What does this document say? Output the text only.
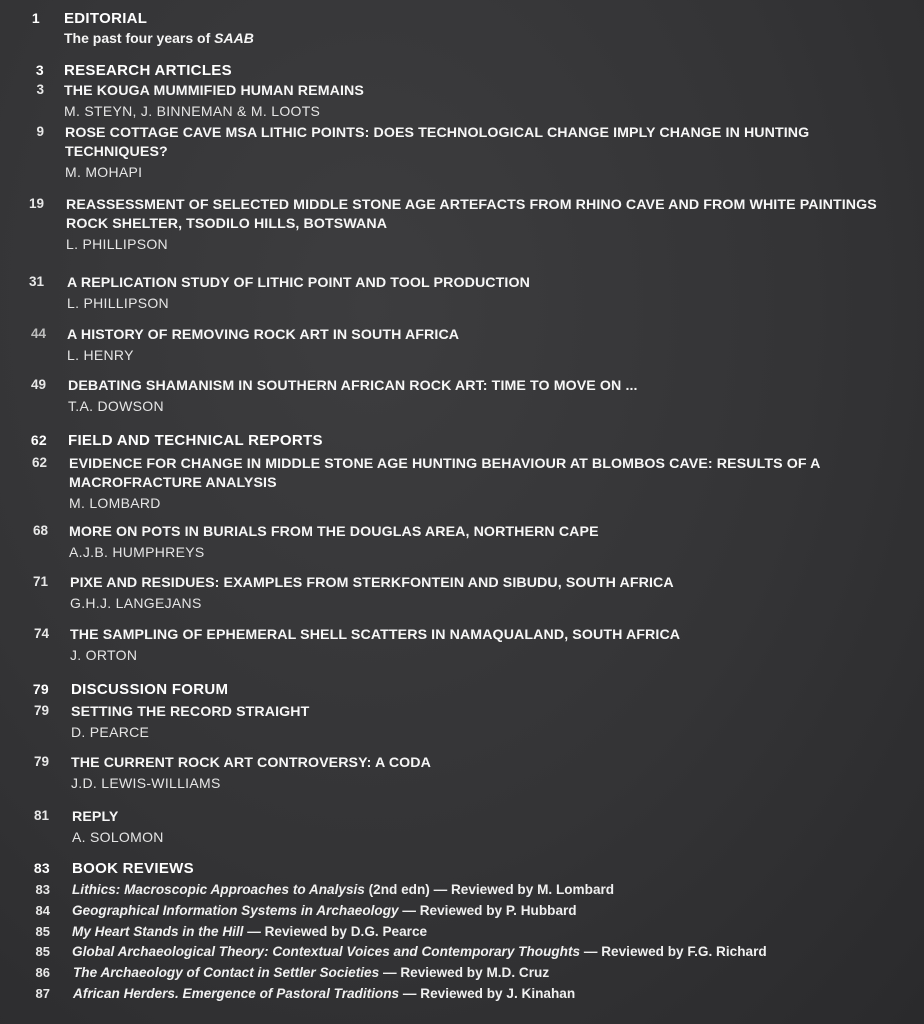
1 EDITORIAL
The past four years of SAAB
3 RESEARCH ARTICLES
3 THE KOUGA MUMMIFIED HUMAN REMAINS
M. STEYN, J. BINNEMAN & M. LOOTS
9 ROSE COTTAGE CAVE MSA LITHIC POINTS: DOES TECHNOLOGICAL CHANGE IMPLY CHANGE IN HUNTING TECHNIQUES?
M. MOHAPI
19 REASSESSMENT OF SELECTED MIDDLE STONE AGE ARTEFACTS FROM RHINO CAVE AND FROM WHITE PAINTINGS ROCK SHELTER, TSODILO HILLS, BOTSWANA
L. PHILLIPSON
31 A REPLICATION STUDY OF LITHIC POINT AND TOOL PRODUCTION
L. PHILLIPSON
44 A HISTORY OF REMOVING ROCK ART IN SOUTH AFRICA
L. HENRY
49 DEBATING SHAMANISM IN SOUTHERN AFRICAN ROCK ART: TIME TO MOVE ON ...
T.A. DOWSON
62 FIELD AND TECHNICAL REPORTS
62 EVIDENCE FOR CHANGE IN MIDDLE STONE AGE HUNTING BEHAVIOUR AT BLOMBOS CAVE: RESULTS OF A MACROFRACTURE ANALYSIS
M. LOMBARD
68 MORE ON POTS IN BURIALS FROM THE DOUGLAS AREA, NORTHERN CAPE
A.J.B. HUMPHREYS
71 PIXE AND RESIDUES: EXAMPLES FROM STERKFONTEIN AND SIBUDU, SOUTH AFRICA
G.H.J. LANGEJANS
74 THE SAMPLING OF EPHEMERAL SHELL SCATTERS IN NAMAQUALAND, SOUTH AFRICA
J. ORTON
79 DISCUSSION FORUM
79 SETTING THE RECORD STRAIGHT
D. PEARCE
79 THE CURRENT ROCK ART CONTROVERSY: A CODA
J.D. LEWIS-WILLIAMS
81 REPLY
A. SOLOMON
83 BOOK REVIEWS
83 Lithics: Macroscopic Approaches to Analysis (2nd edn) — Reviewed by M. Lombard
84 Geographical Information Systems in Archaeology — Reviewed by P. Hubbard
85 My Heart Stands in the Hill — Reviewed by D.G. Pearce
85 Global Archaeological Theory: Contextual Voices and Contemporary Thoughts — Reviewed by F.G. Richard
86 The Archaeology of Contact in Settler Societies — Reviewed by M.D. Cruz
87 African Herders. Emergence of Pastoral Traditions — Reviewed by J. Kinahan
